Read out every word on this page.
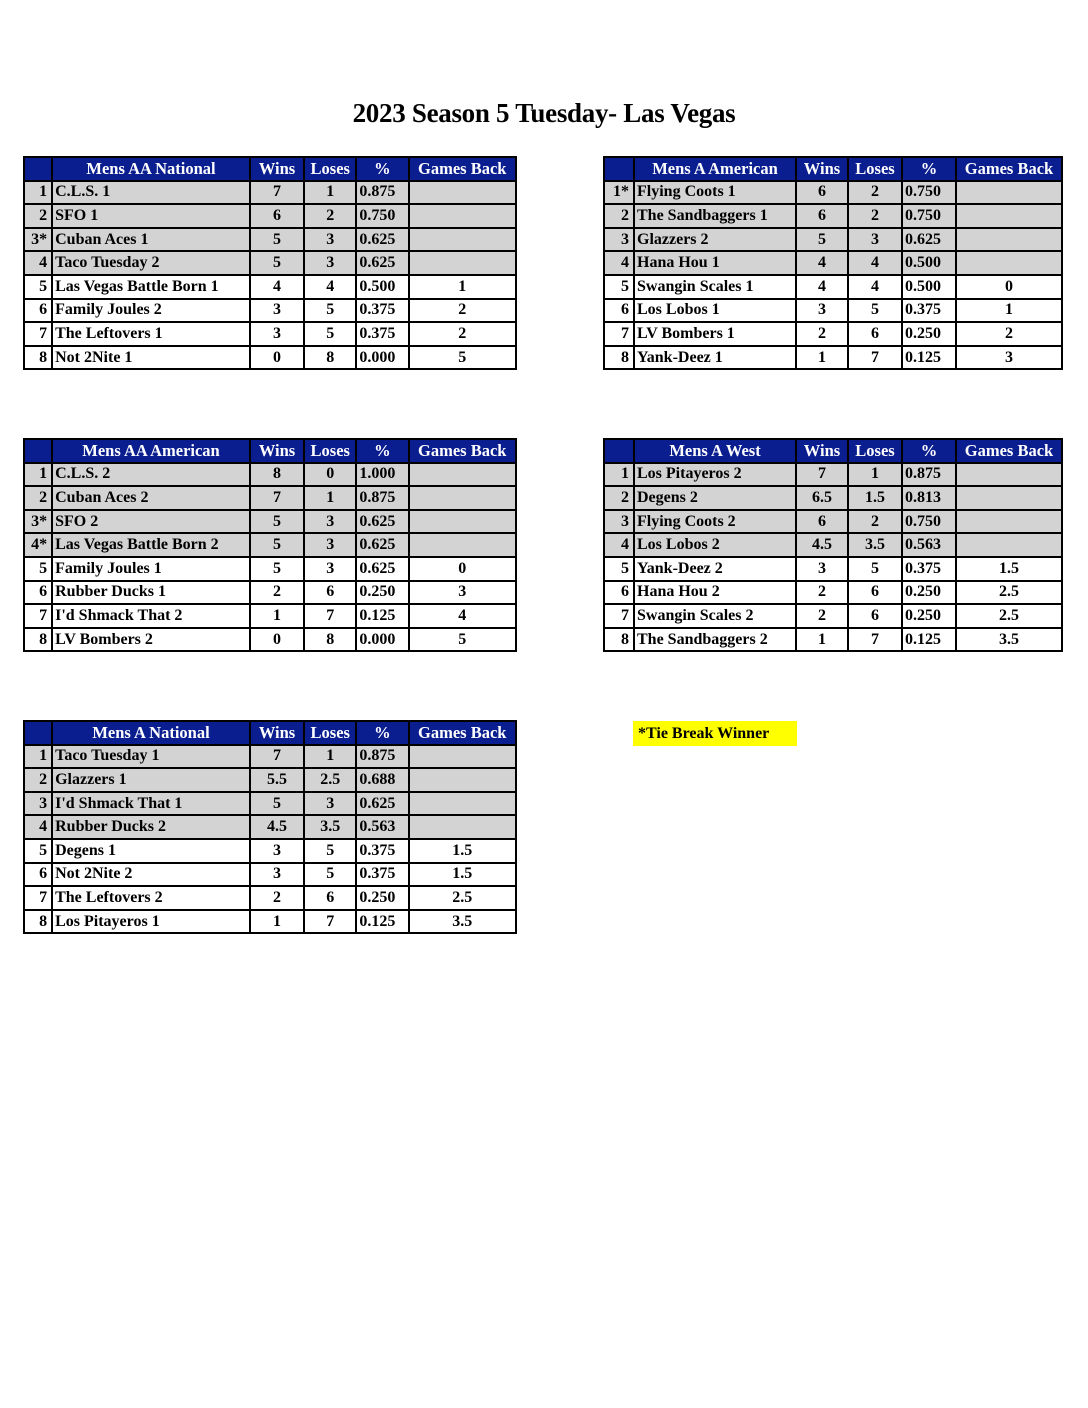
2023 Season 5 Tuesday- Las Vegas
	Mens AA National	Wins	Loses	%	Games Back
1	C.L.S. 1	7	1	0.875	
2	SFO 1	6	2	0.750	
3*	Cuban Aces 1	5	3	0.625	
4	Taco Tuesday 2	5	3	0.625	
5	Las Vegas Battle Born 1	4	4	0.500	1
6	Family Joules 2	3	5	0.375	2
7	The Leftovers 1	3	5	0.375	2
8	Not 2Nite 1	0	8	0.000	5
	Mens A American	Wins	Loses	%	Games Back
1*	Flying Coots 1	6	2	0.750	
2	The Sandbaggers 1	6	2	0.750	
3	Glazzers 2	5	3	0.625	
4	Hana Hou 1	4	4	0.500	
5	Swangin Scales 1	4	4	0.500	0
6	Los Lobos 1	3	5	0.375	1
7	LV Bombers 1	2	6	0.250	2
8	Yank-Deez 1	1	7	0.125	3
	Mens AA American	Wins	Loses	%	Games Back
1	C.L.S. 2	8	0	1.000	
2	Cuban Aces 2	7	1	0.875	
3*	SFO 2	5	3	0.625	
4*	Las Vegas Battle Born 2	5	3	0.625	
5	Family Joules 1	5	3	0.625	0
6	Rubber Ducks 1	2	6	0.250	3
7	I'd Shmack That 2	1	7	0.125	4
8	LV Bombers 2	0	8	0.000	5
	Mens A West	Wins	Loses	%	Games Back
1	Los Pitayeros 2	7	1	0.875	
2	Degens 2	6.5	1.5	0.813	
3	Flying Coots 2	6	2	0.750	
4	Los Lobos 2	4.5	3.5	0.563	
5	Yank-Deez 2	3	5	0.375	1.5
6	Hana Hou 2	2	6	0.250	2.5
7	Swangin Scales 2	2	6	0.250	2.5
8	The Sandbaggers 2	1	7	0.125	3.5
	Mens A National	Wins	Loses	%	Games Back
1	Taco Tuesday 1	7	1	0.875	
2	Glazzers 1	5.5	2.5	0.688	
3	I'd Shmack That 1	5	3	0.625	
4	Rubber Ducks 2	4.5	3.5	0.563	
5	Degens 1	3	5	0.375	1.5
6	Not 2Nite 2	3	5	0.375	1.5
7	The Leftovers 2	2	6	0.250	2.5
8	Los Pitayeros 1	1	7	0.125	3.5
*Tie Break Winner
